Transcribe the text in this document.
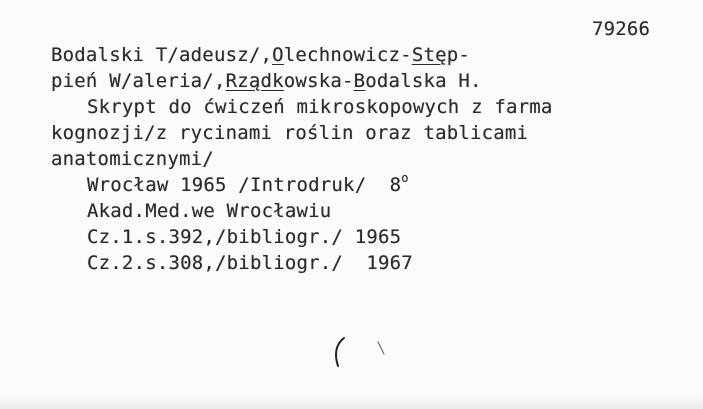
79266
Bodalski T/adeusz/,Olechnowicz-Stęp-
pień W/aleria/,Rządkowska-Bodalska H.
Skrypt do ćwiczeń mikroskopowych z farma
kognozji/z rycinami roślin oraz tablicami
anatomicznymi/
Wrocław 1965 /Introdruk/  8$^o$
Akad.Med.we Wrocławiu
Cz.1.s.392,/bibliogr./ 1965
Cz.2.s.308,/bibliogr./  1967
